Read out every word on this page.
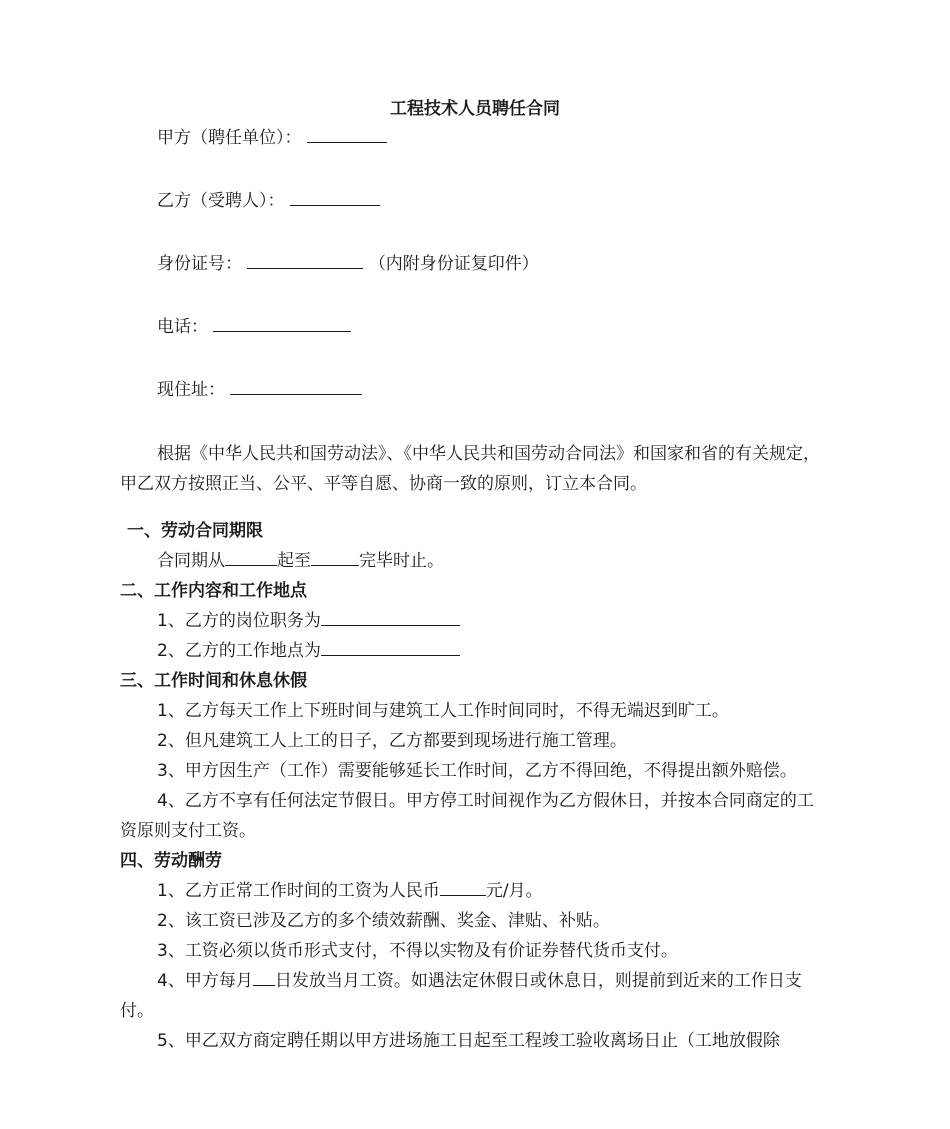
工程技术人员聘任合同

甲方（聘任单位）：

乙方（受聘人）：

身份证号：	（内附身份证复印件）

电话：

现住址：

根据《中华人民共和国劳动法》、《中华人民共和国劳动合同法》和国家和省的有关规定，甲乙双方按照正当、公平、平等自愿、协商一致的原则，订立本合同。

一、劳动合同期限

合同期从	起至	完毕时止。

二、工作内容和工作地点

1、乙方的岗位职务为

2、乙方的工作地点为

三、工作时间和休息休假

1、乙方每天工作上下班时间与建筑工人工作时间同时，不得无端迟到旷工。

2、但凡建筑工人上工的日子，乙方都要到现场进行施工管理。

3、甲方因生产（工作）需要能够延长工作时间，乙方不得回绝，不得提出额外赔偿。

4、乙方不享有任何法定节假日。甲方停工时间视作为乙方假休日，并按本合同商定的工资原则支付工资。

四、劳动酬劳

1、乙方正常工作时间的工资为人民币	元/月。

2、该工资已涉及乙方的多个绩效薪酬、奖金、津贴、补贴。

3、工资必须以货币形式支付，不得以实物及有价证券替代货币支付。

4、甲方每月 日发放当月工资。如遇法定休假日或休息日，则提前到近来的工作日支付。

5、甲乙双方商定聘任期以甲方进场施工日起至工程竣工验收离场日止（工地放假除
